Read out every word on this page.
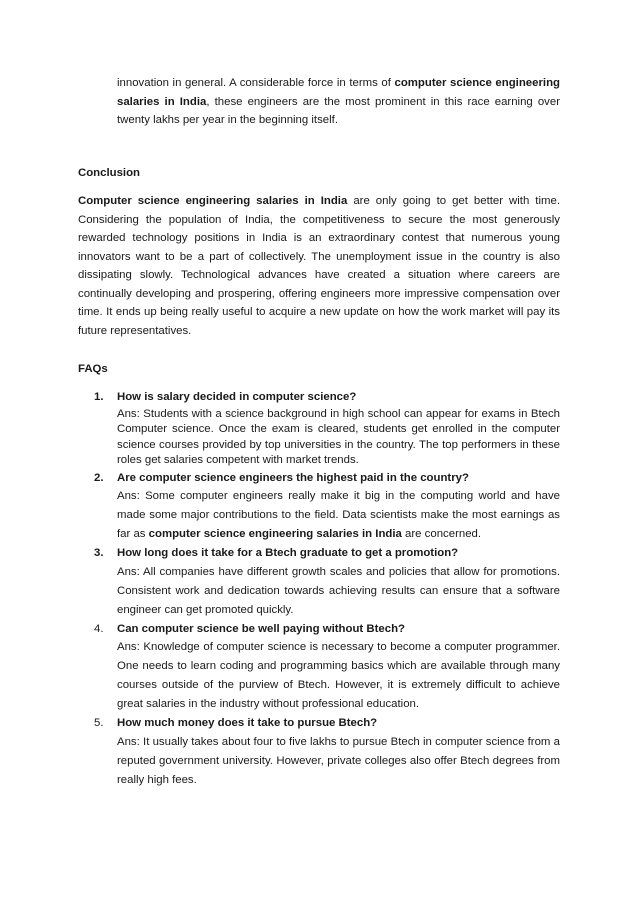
innovation in general. A considerable force in terms of computer science engineering salaries in India, these engineers are the most prominent in this race earning over twenty lakhs per year in the beginning itself.

Conclusion

Computer science engineering salaries in India are only going to get better with time. Considering the population of India, the competitiveness to secure the most generously rewarded technology positions in India is an extraordinary contest that numerous young innovators want to be a part of collectively. The unemployment issue in the country is also dissipating slowly. Technological advances have created a situation where careers are continually developing and prospering, offering engineers more impressive compensation over time. It ends up being really useful to acquire a new update on how the work market will pay its future representatives.

FAQs
1. How is salary decided in computer science?

Ans: Students with a science background in high school can appear for exams in Btech Computer science. Once the exam is cleared, students get enrolled in the computer science courses provided by top universities in the country. The top performers in these roles get salaries competent with market trends.

2. Are computer science engineers the highest paid in the country?

Ans: Some computer engineers really make it big in the computing world and have made some major contributions to the field. Data scientists make the most earnings as far as computer science engineering salaries in India are concerned.

3. How long does it take for a Btech graduate to get a promotion?

Ans: All companies have different growth scales and policies that allow for promotions. Consistent work and dedication towards achieving results can ensure that a software engineer can get promoted quickly.

4. Can computer science be well paying without Btech?

Ans: Knowledge of computer science is necessary to become a computer programmer. One needs to learn coding and programming basics which are available through many courses outside of the purview of Btech. However, it is extremely difficult to achieve great salaries in the industry without professional education.

5. How much money does it take to pursue Btech?

Ans: It usually takes about four to five lakhs to pursue Btech in computer science from a reputed government university. However, private colleges also offer Btech degrees from really high fees.
